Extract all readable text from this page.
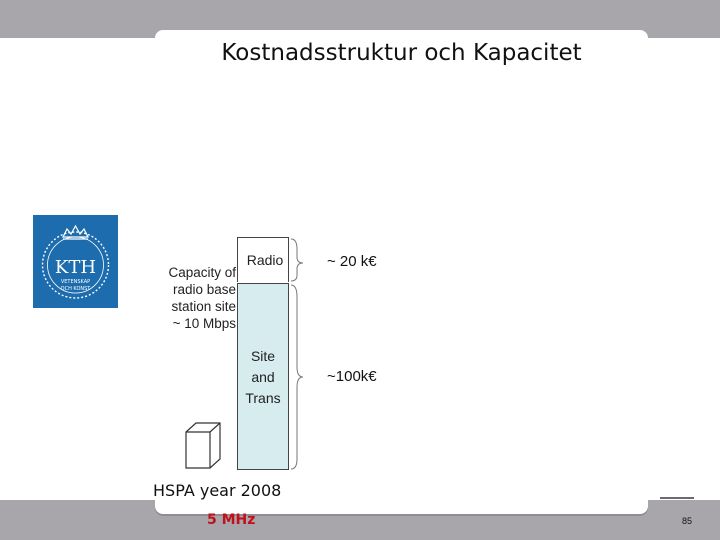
Kostnadsstruktur och Kapacitet
KTH
VETENSKAP
OCH KONST
Capacity of
radio base
station site
~ 10 Mbps
Radio
Site
and
Trans
~ 20 k€
~100k€
HSPA year 2008
5 MHz	85
